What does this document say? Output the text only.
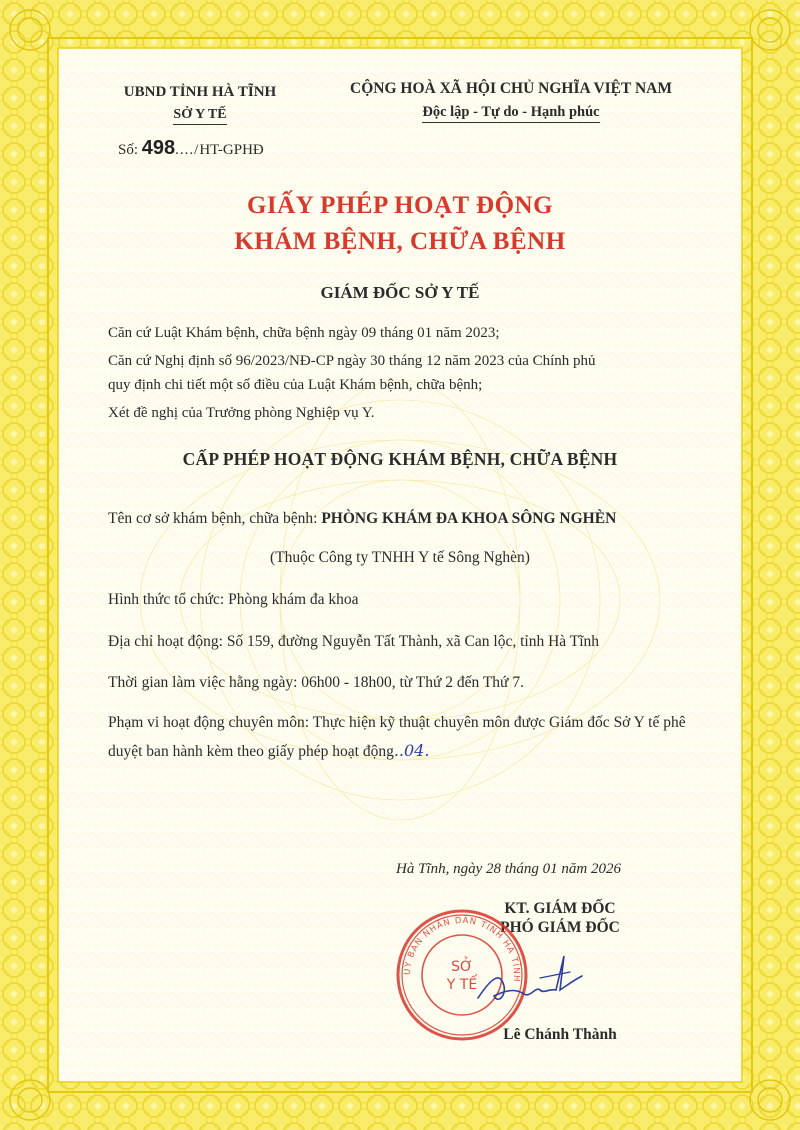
UBND TỈNH HÀ TĨNH
SỞ Y TẾ
Số: 498..../HT-GPHĐ
CỘNG HOÀ XÃ HỘI CHỦ NGHĨA VIỆT NAM
Độc lập - Tự do - Hạnh phúc
GIẤY PHÉP HOẠT ĐỘNG
KHÁM BỆNH, CHỮA BỆNH
GIÁM ĐỐC SỞ Y TẾ
Căn cứ Luật Khám bệnh, chữa bệnh ngày 09 tháng 01 năm 2023;
Căn cứ Nghị định số 96/2023/NĐ-CP ngày 30 tháng 12 năm 2023 của Chính phủ
quy định chi tiết một số điều của Luật Khám bệnh, chữa bệnh;
Xét đề nghị của Trưởng phòng Nghiệp vụ Y.
CẤP PHÉP HOẠT ĐỘNG KHÁM BỆNH, CHỮA BỆNH
Tên cơ sở khám bệnh, chữa bệnh: PHÒNG KHÁM ĐA KHOA SÔNG NGHÈN
(Thuộc Công ty TNHH Y tế Sông Nghèn)
Hình thức tổ chức: Phòng khám đa khoa
Địa chỉ hoạt động: Số 159, đường Nguyễn Tất Thành, xã Can lộc, tỉnh Hà Tĩnh
Thời gian làm việc hằng ngày: 06h00 - 18h00, từ Thứ 2 đến Thứ 7.
Phạm vi hoạt động chuyên môn: Thực hiện kỹ thuật chuyên môn được Giám đốc Sở Y tế phê duyệt ban hành kèm theo giấy phép hoạt động..04.
Hà Tĩnh, ngày 28 tháng 01 năm 2026
KT. GIÁM ĐỐC
PHÓ GIÁM ĐỐC
UỶ BAN NHÂN DÂN TỈNH HÀ TĨNH
SỞ
Y TẾ
Lê Chánh Thành
